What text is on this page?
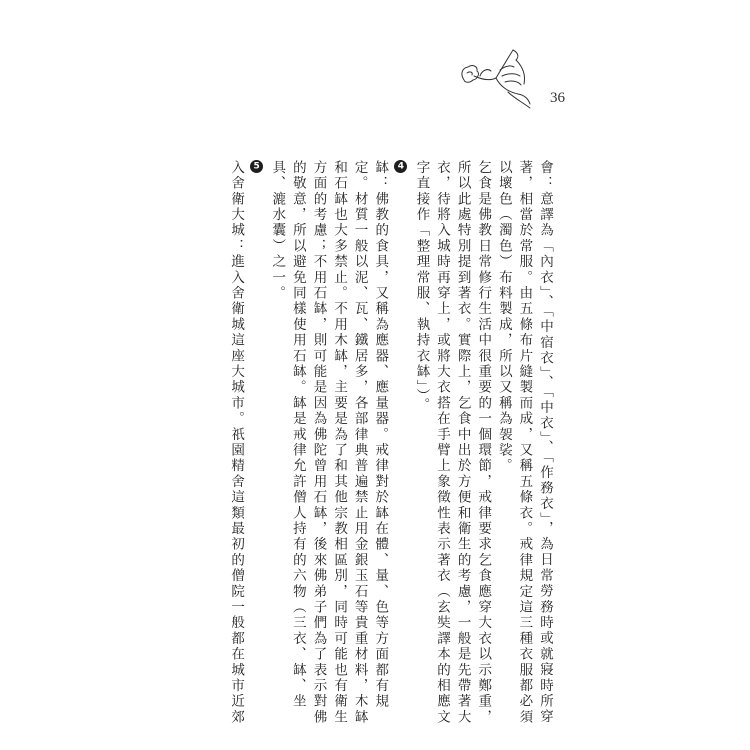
36
會：意譯為「內衣」、「中宿衣」、「中衣」、「作務衣」，為日常勞務時或就寢時所穿
著，相當於常服。由五條布片縫製而成，又稱五條衣。戒律規定這三種衣服都必須
以壞色（濁色）布料製成，所以又稱為袈裟。
乞食是佛教日常修行生活中很重要的一個環節，戒律要求乞食應穿大衣以示鄭重，
所以此處特別提到著衣。實際上，乞食中出於方便和衛生的考慮，一般是先帶著大
衣，待將入城時再穿上，或將大衣搭在手臂上象徵性表示著衣（玄奘譯本的相應文
字直接作「整理常服、執持衣缽」）。
4
缽：佛教的食具，又稱為應器、應量器。戒律對於缽在體、量、色等方面都有規
定。材質一般以泥、瓦、鐵居多，各部律典普遍禁止用金銀玉石等貴重材料，木缽
和石缽也大多禁止。不用木缽，主要是為了和其他宗教相區別，同時可能也有衛生
方面的考慮；不用石缽，則可能是因為佛陀曾用石缽，後來佛弟子們為了表示對佛
的敬意，所以避免同樣使用石缽。缽是戒律允許僧人持有的六物（三衣、缽、坐
具、漉水囊）之一。
5
入舍衛大城：進入舍衛城這座大城市。祇園精舍這類最初的僧院一般都在城市近郊
